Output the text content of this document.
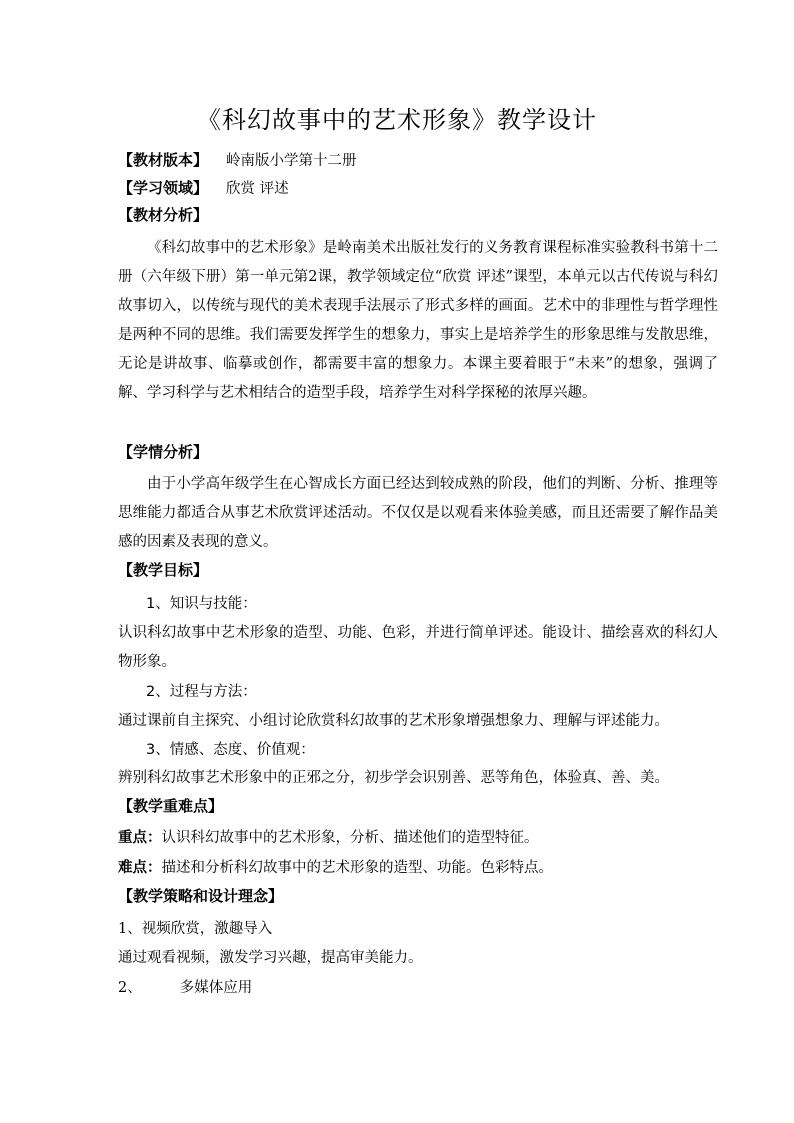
《科幻故事中的艺术形象》教学设计
【教材版本】 岭南版小学第十二册
【学习领域】 欣赏 评述
【教材分析】
《科幻故事中的艺术形象》是岭南美术出版社发行的义务教育课程标准实验教科书第十二册（六年级下册）第一单元第2课，教学领域定位“欣赏 评述”课型，本单元以古代传说与科幻故事切入，以传统与现代的美术表现手法展示了形式多样的画面。艺术中的非理性与哲学理性是两种不同的思维。我们需要发挥学生的想象力，事实上是培养学生的形象思维与发散思维，无论是讲故事、临摹或创作，都需要丰富的想象力。本课主要着眼于“未来”的想象，强调了解、学习科学与艺术相结合的造型手段，培养学生对科学探秘的浓厚兴趣。
【学情分析】
由于小学高年级学生在心智成长方面已经达到较成熟的阶段，他们的判断、分析、推理等思维能力都适合从事艺术欣赏评述活动。不仅仅是以观看来体验美感，而且还需要了解作品美感的因素及表现的意义。
【教学目标】
1、知识与技能：
认识科幻故事中艺术形象的造型、功能、色彩，并进行简单评述。能设计、描绘喜欢的科幻人物形象。
2、过程与方法：
通过课前自主探究、小组讨论欣赏科幻故事的艺术形象增强想象力、理解与评述能力。
3、情感、态度、价值观：
辨别科幻故事艺术形象中的正邪之分，初步学会识别善、恶等角色，体验真、善、美。
【教学重难点】
重点：认识科幻故事中的艺术形象，分析、描述他们的造型特征。
难点：描述和分析科幻故事中的艺术形象的造型、功能。色彩特点。
【教学策略和设计理念】
1、视频欣赏，激趣导入
通过观看视频，激发学习兴趣，提高审美能力。
2、	多媒体应用
